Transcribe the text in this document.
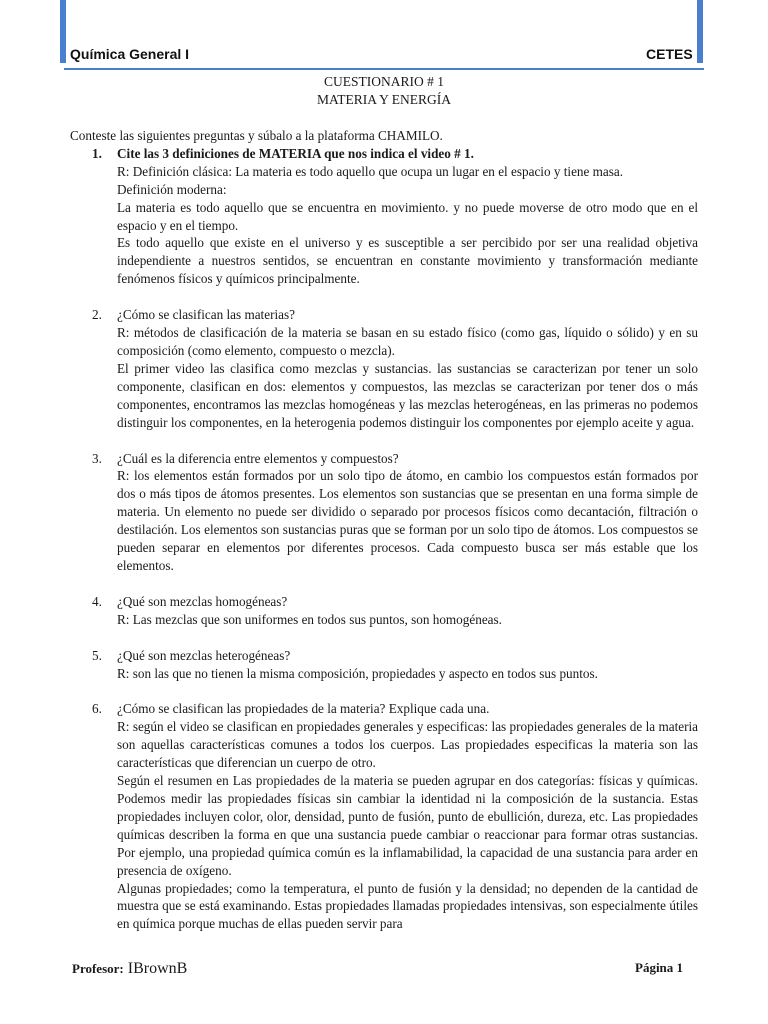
Química General I	CETES
CUESTIONARIO # 1
MATERIA Y ENERGÍA

Conteste las siguientes preguntas y súbalo a la plataforma CHAMILO.

1. Cite las 3 definiciones de MATERIA que nos indica el video # 1.

R: Definición clásica: La materia es todo aquello que ocupa un lugar en el espacio y tiene masa.

Definición moderna:

La materia es todo aquello que se encuentra en movimiento. y no puede moverse de otro modo que en el espacio y en el tiempo.

Es todo aquello que existe en el universo y es susceptible a ser percibido por ser una realidad objetiva independiente a nuestros sentidos, se encuentran en constante movimiento y transformación mediante fenómenos físicos y químicos principalmente.

2. ¿Cómo se clasifican las materias?

R: métodos de clasificación de la materia se basan en su estado físico (como gas, líquido o sólido) y en su composición (como elemento, compuesto o mezcla).

El primer video las clasifica como mezclas y sustancias. las sustancias se caracterizan por tener un solo componente, clasifican en dos: elementos y compuestos, las mezclas se caracterizan por tener dos o más componentes, encontramos las mezclas homogéneas y las mezclas heterogéneas, en las primeras no podemos distinguir los componentes, en la heterogenia podemos distinguir los componentes por ejemplo aceite y agua.

3. ¿Cuál es la diferencia entre elementos y compuestos?

R: los elementos están formados por un solo tipo de átomo, en cambio los compuestos están formados por dos o más tipos de átomos presentes. Los elementos son sustancias que se presentan en una forma simple de materia. Un elemento no puede ser dividido o separado por procesos físicos como decantación, filtración o destilación. Los elementos son sustancias puras que se forman por un solo tipo de átomos. Los compuestos se pueden separar en elementos por diferentes procesos. Cada compuesto busca ser más estable que los elementos.

4. ¿Qué son mezclas homogéneas?

R: Las mezclas que son uniformes en todos sus puntos, son homogéneas.

5. ¿Qué son mezclas heterogéneas?

R: son las que no tienen la misma composición, propiedades y aspecto en todos sus puntos.

6. ¿Cómo se clasifican las propiedades de la materia? Explique cada una.

R: según el video se clasifican en propiedades generales y especificas: las propiedades generales de la materia son aquellas características comunes a todos los cuerpos. Las propiedades especificas la materia son las características que diferencian un cuerpo de otro.

Según el resumen en Las propiedades de la materia se pueden agrupar en dos categorías: físicas y químicas. Podemos medir las propiedades físicas sin cambiar la identidad ni la composición de la sustancia. Estas propiedades incluyen color, olor, densidad, punto de fusión, punto de ebullición, dureza, etc. Las propiedades químicas describen la forma en que una sustancia puede cambiar o reaccionar para formar otras sustancias. Por ejemplo, una propiedad química común es la inflamabilidad, la capacidad de una sustancia para arder en presencia de oxígeno.

Algunas propiedades; como la temperatura, el punto de fusión y la densidad; no dependen de la cantidad de muestra que se está examinando. Estas propiedades llamadas propiedades intensivas, son especialmente útiles en química porque muchas de ellas pueden servir para

Profesor: IBrownB	Página 1
